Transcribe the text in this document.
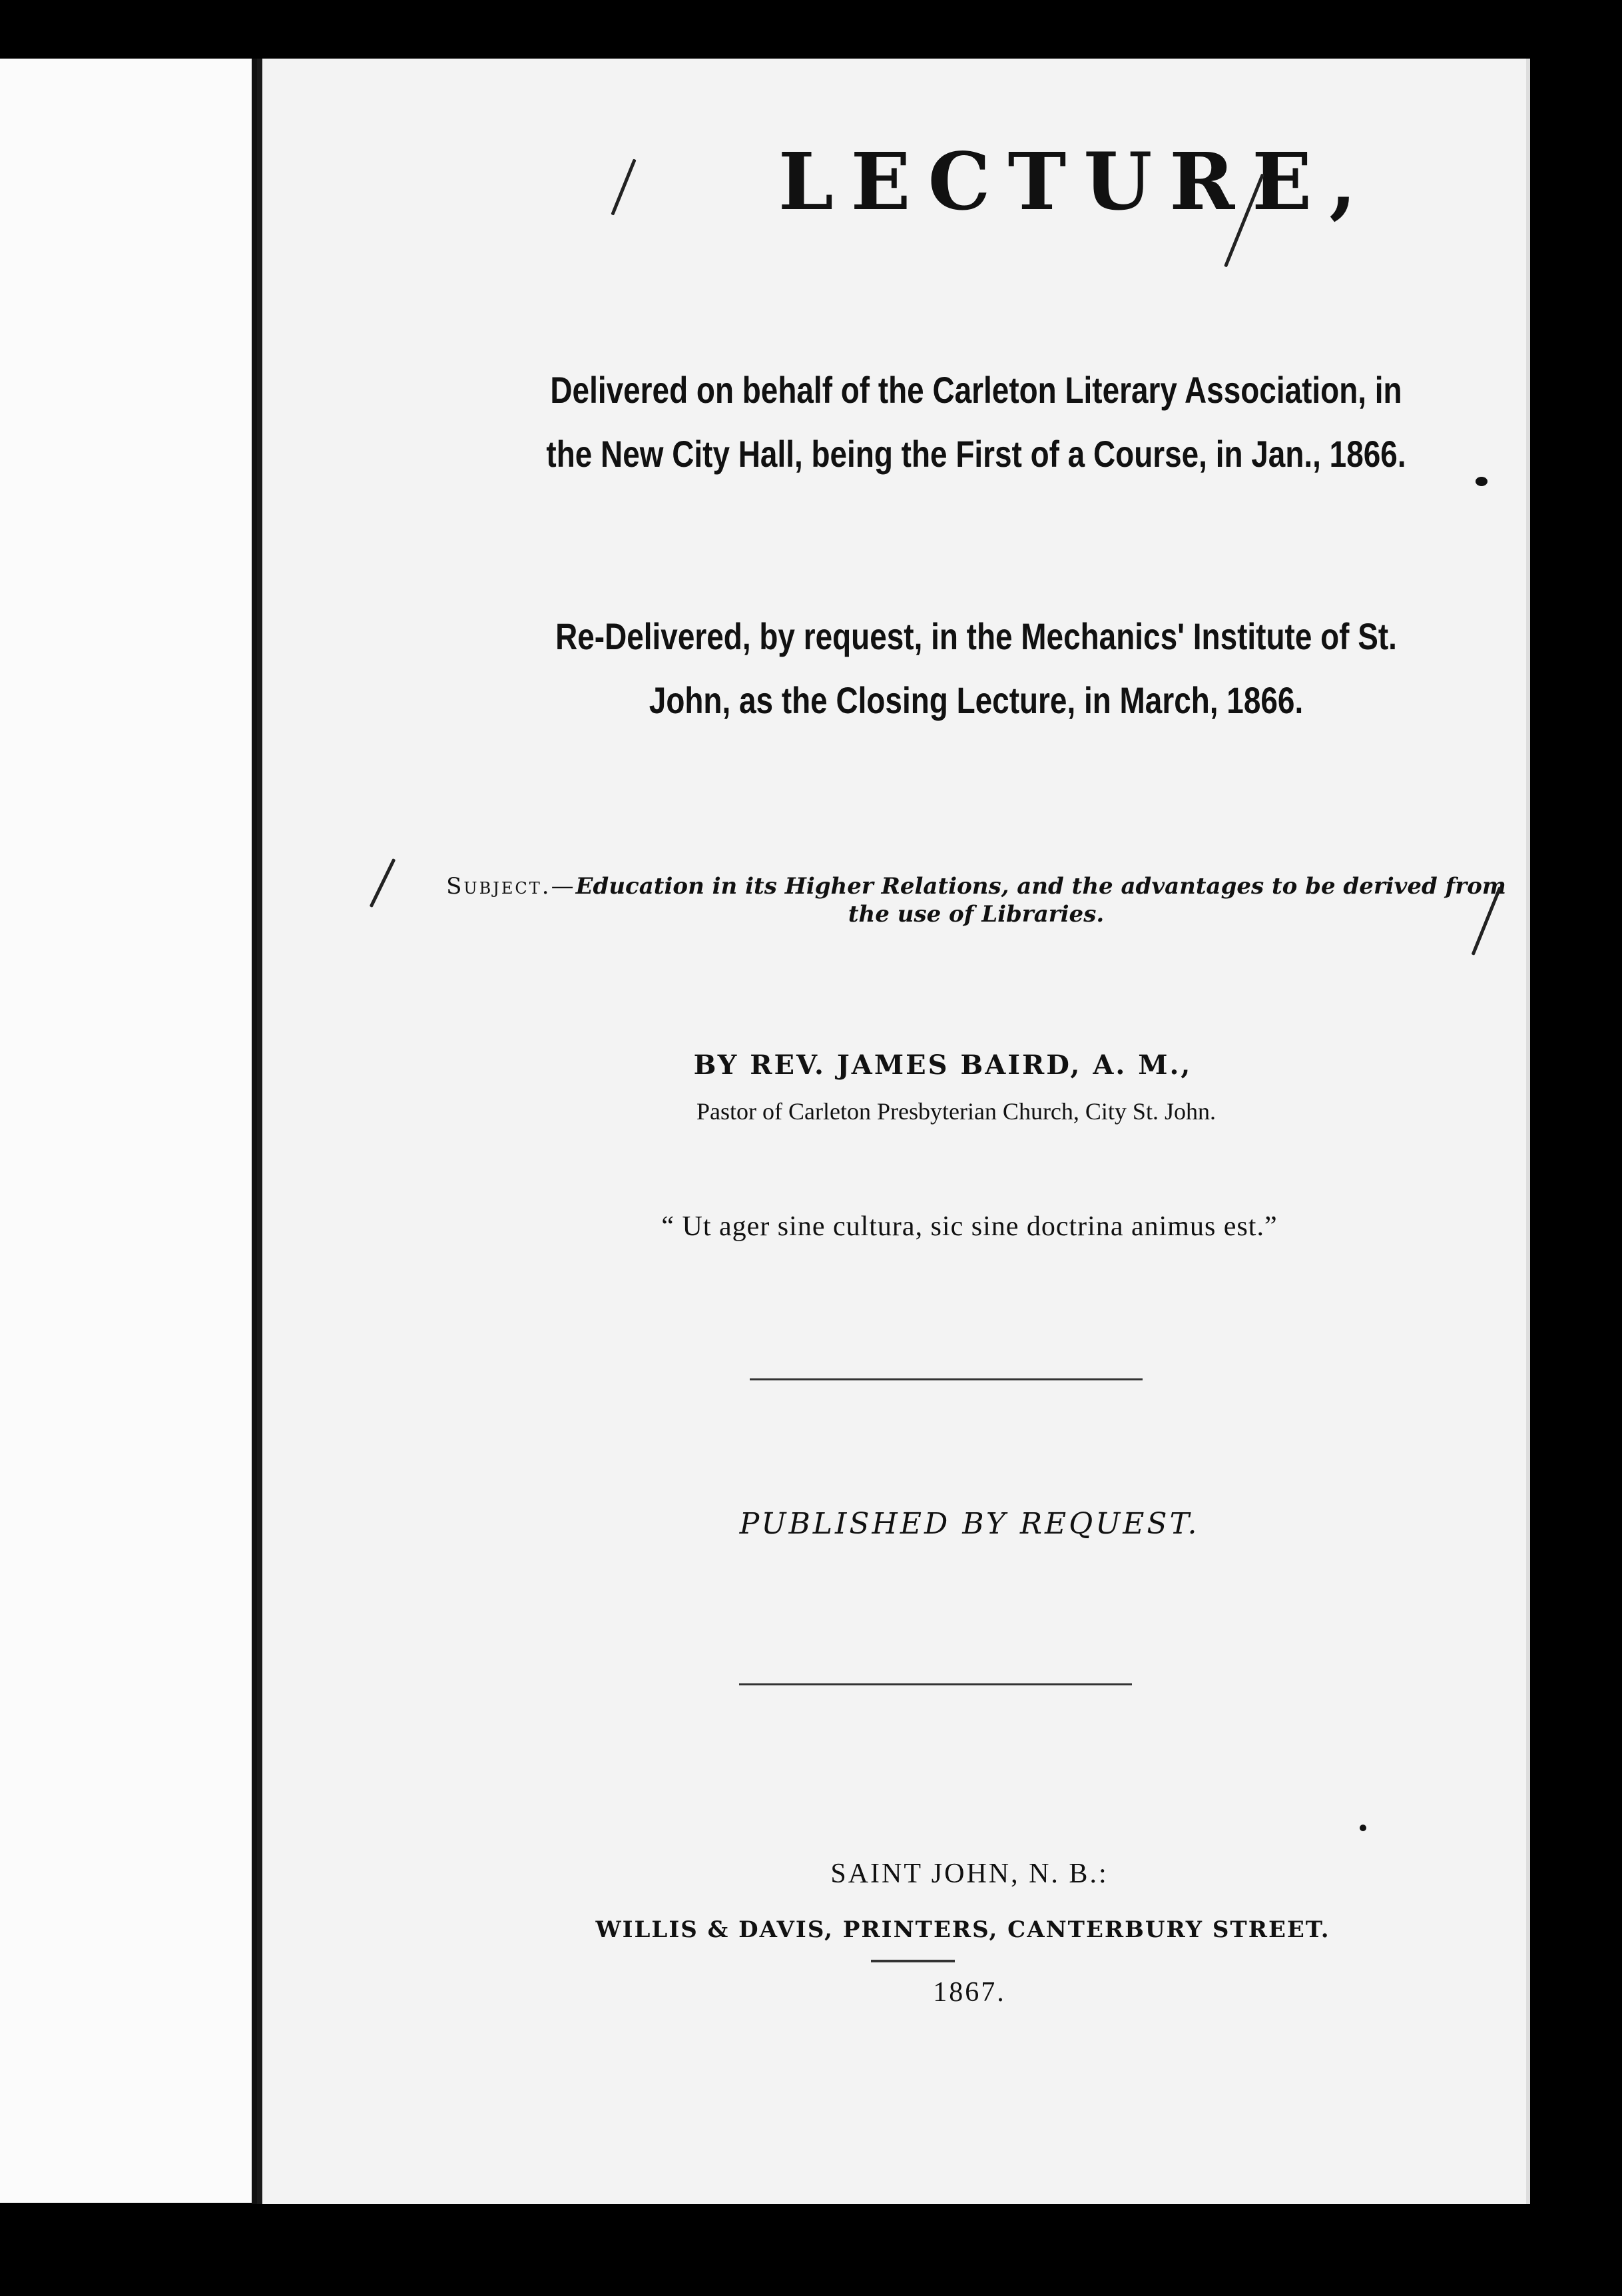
LECTURE,
Delivered on behalf of the Carleton Literary Association, in the New City Hall, being the First of a Course, in Jan., 1866.
Re-Delivered, by request, in the Mechanics' Institute of St. John, as the Closing Lecture, in March, 1866.
Subject.—Education in its Higher Relations, and the advantages to be derived from the use of Libraries.
BY REV. JAMES BAIRD, A. M.,
Pastor of Carleton Presbyterian Church, City St. John.
“ Ut ager sine cultura, sic sine doctrina animus est.”
PUBLISHED BY REQUEST.
SAINT JOHN, N. B.:
WILLIS & DAVIS, PRINTERS, CANTERBURY STREET.
1867.
